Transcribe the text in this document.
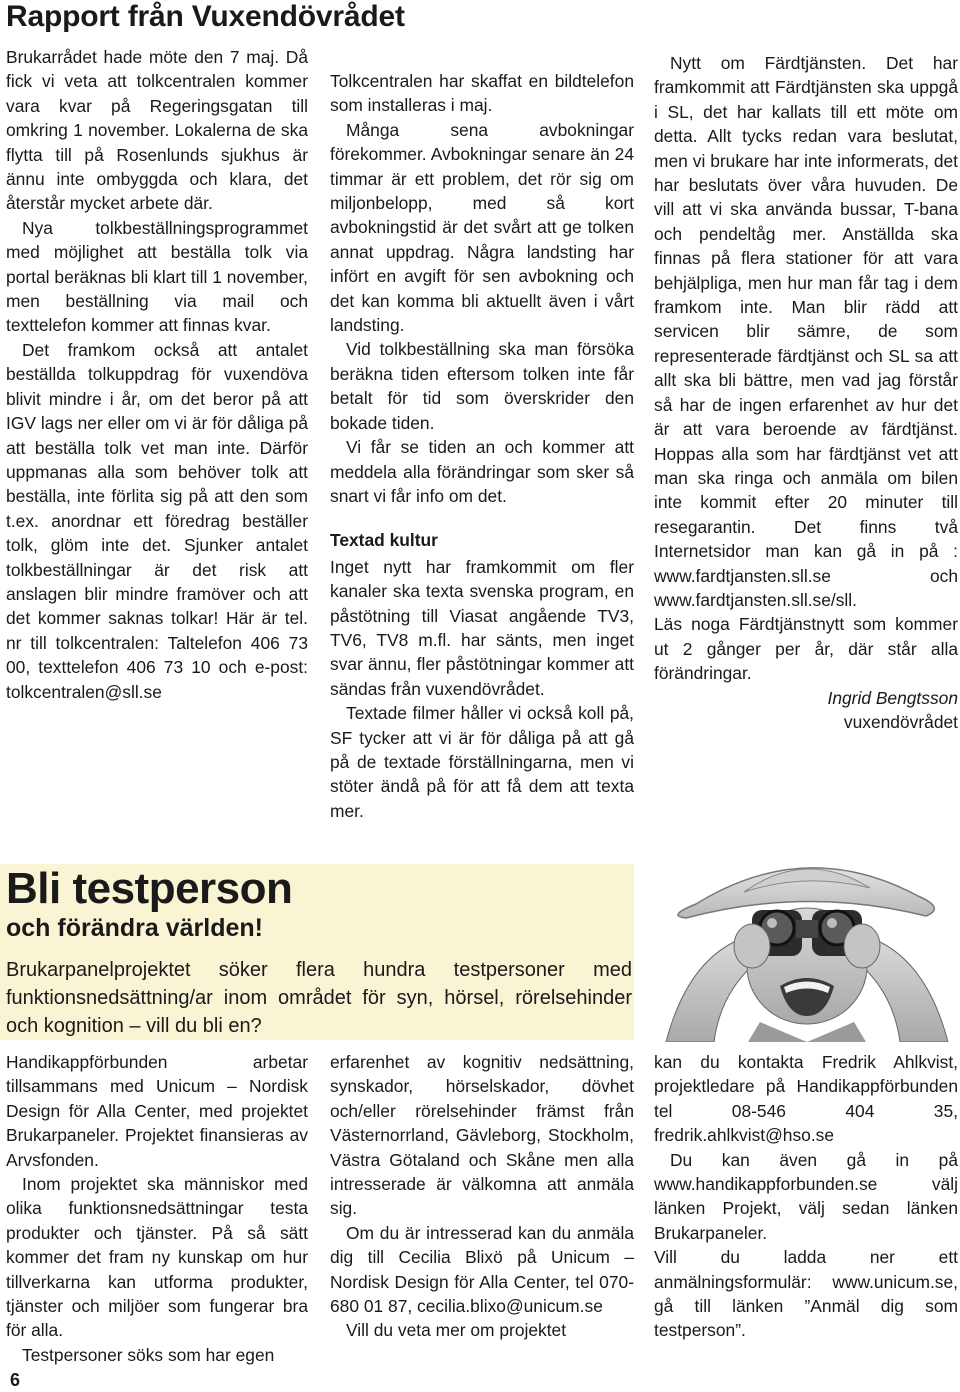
Rapport från Vuxendövrådet

Brukarrådet hade möte den 7 maj. Då fick vi veta att tolkcentralen kommer vara kvar på Regeringsgatan till omkring 1 november. Lokalerna de ska flytta till på Rosenlunds sjukhus är ännu inte ombyggda och klara, det återstår mycket arbete där.

Nya tolkbeställningsprogrammet med möjlighet att beställa tolk via portal beräknas bli klart till 1 november, men beställning via mail och texttelefon kommer att finnas kvar.

Det framkom också att antalet beställda tolkuppdrag för vuxendöva blivit mindre i år, om det beror på att IGV lags ner eller om vi är för dåliga på att beställa tolk vet man inte. Därför uppmanas alla som behöver tolk att beställa, inte förlita sig på att den som t.ex. anordnar ett föredrag beställer tolk, glöm inte det. Sjunker antalet tolkbeställningar är det risk att anslagen blir mindre framöver och att det kommer saknas tolkar! Här är tel. nr till tolkcentralen: Taltelefon 406 73 00, texttelefon 406 73 10 och e-post: tolkcentralen@sll.se

Tolkcentralen har skaffat en bildtelefon som installeras i maj.

Många sena avbokningar förekommer. Avbokningar senare än 24 timmar är ett problem, det rör sig om miljonbelopp, med så kort avbokningstid är det svårt att ge tolken annat uppdrag. Några landsting har infört en avgift för sen avbokning och det kan komma bli aktuellt även i vårt landsting.

Vid tolkbeställning ska man försöka beräkna tiden eftersom tolken inte får betalt för tid som överskrider den bokade tiden.

Vi får se tiden an och kommer att meddela alla förändringar som sker så snart vi får info om det.

Textad kultur

Inget nytt har framkommit om fler kanaler ska texta svenska program, en påstötning till Viasat angående TV3, TV6, TV8 m.fl. har sänts, men inget svar ännu, fler påstötningar kommer att sändas från vuxendövrådet.

Textade filmer håller vi också koll på, SF tycker att vi är för dåliga på att gå på de textade förställningarna, men vi stöter ändå på för att få dem att texta mer.

Nytt om Färdtjänsten. Det har framkommit att Färdtjänsten ska uppgå i SL, det har kallats till ett möte om detta. Allt tycks redan vara beslutat, men vi brukare har inte informerats, det har beslutats över våra huvuden. De vill att vi ska använda bussar, T-bana och pendeltåg mer. Anställda ska finnas på flera stationer för att vara behjälpliga, men hur man får tag i dem framkom inte. Man blir rädd att servicen blir sämre, de som representerade färdtjänst och SL sa att allt ska bli bättre, men vad jag förstår så har de ingen erfarenhet av hur det är att vara beroende av färdtjänst. Hoppas alla som har färdtjänst vet att man ska ringa och anmäla om bilen inte kommit efter 20 minuter till resegarantin. Det finns två Internetsidor man kan gå in på : www.fardtjansten.sll.se och www.fardtjansten.sll.se/sll.

Läs noga Färdtjänstnytt som kommer ut 2 gånger per år, där står alla förändringar.

Ingrid Bengtsson

vuxendövrådet

Bli testperson

och förändra världen!

Brukarpanelprojektet söker flera hundra testpersoner med funktionsnedsättning/ar inom området för syn, hörsel, rörelsehinder och kognition – vill du bli en?

Handikappförbunden arbetar tillsammans med Unicum – Nordisk Design för Alla Center, med projektet Brukarpaneler. Projektet finansieras av Arvsfonden.

Inom projektet ska människor med olika funktionsnedsättningar testa produkter och tjänster. På så sätt kommer det fram ny kunskap om hur tillverkarna kan utforma produkter, tjänster och miljöer som fungerar bra för alla.

Testpersoner söks som har egen

erfarenhet av kognitiv nedsättning, synskador, hörselskador, dövhet och/eller rörelsehinder främst från Västernorrland, Gävleborg, Stockholm, Västra Götaland och Skåne men alla intresserade är välkomna att anmäla sig.

Om du är intresserad kan du anmäla dig till Cecilia Blixö på Unicum – Nordisk Design för Alla Center, tel 070-680 01 87, cecilia.blixo@unicum.se

Vill du veta mer om projektet

kan du kontakta Fredrik Ahlkvist, projektledare på Handikappförbunden tel 08-546 404 35, fredrik.ahlkvist@hso.se

Du kan även gå in på www.handikappforbunden.se välj länken Projekt, välj sedan länken Brukarpaneler.

Vill du ladda ner ett anmälningsformulär: www.unicum.se, gå till länken ”Anmäl dig som testperson”.

6
